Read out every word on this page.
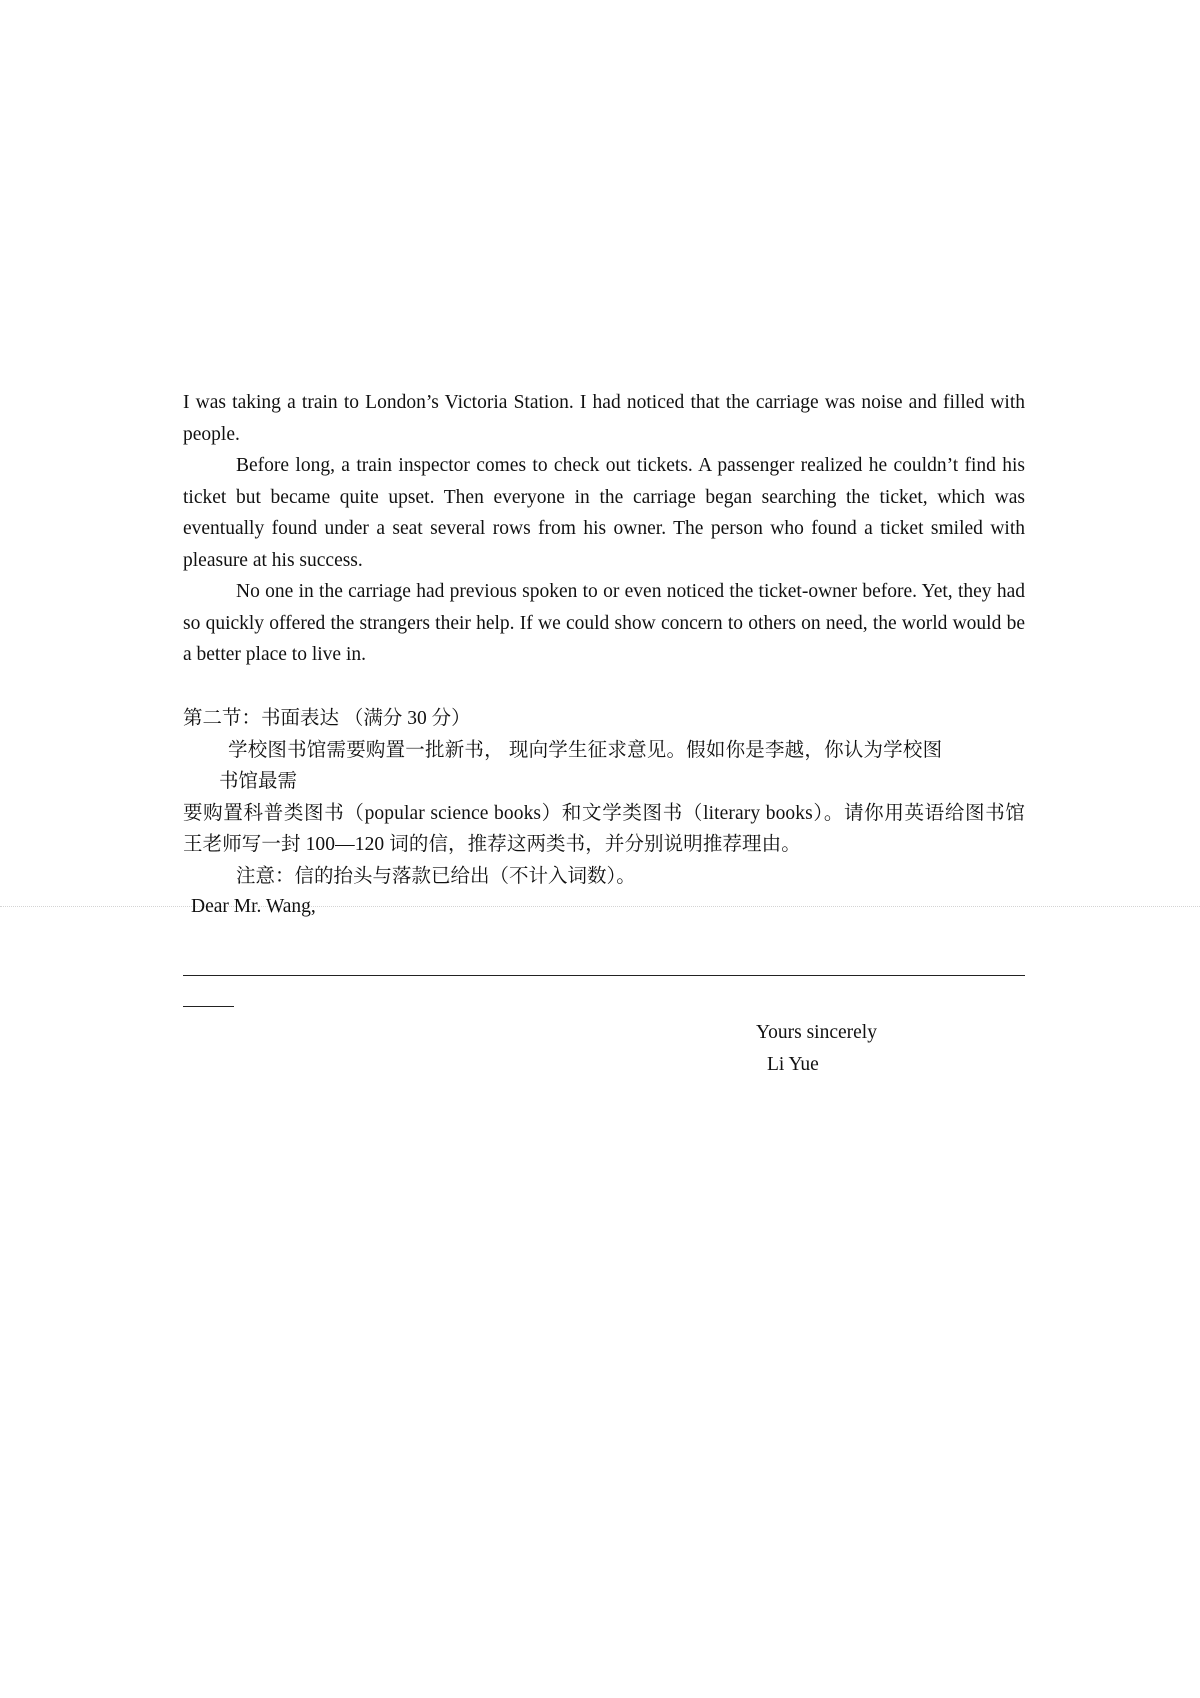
I was taking a train to London’s Victoria Station. I had noticed that the carriage was noise and filled with people.

Before long, a train inspector comes to check out tickets. A passenger realized he couldn’t find his ticket but became quite upset. Then everyone in the carriage began searching the ticket, which was eventually found under a seat several rows from his owner. The person who found a ticket smiled with pleasure at his success.

No one in the carriage had previous spoken to or even noticed the ticket-owner before. Yet, they had so quickly offered the strangers their help. If we could show concern to others on need, the world would be a better place to live in.

第二节：书面表达 （满分 30 分）

学校图书馆需要购置一批新书， 现向学生征求意见。假如你是李越，你认为学校图
书馆最需
要购置科普类图书（popular science books）和文学类图书（literary books）。请你用英语给图书馆王老师写一封 100—120 词的信，推荐这两类书，并分别说明推荐理由。

注意：信的抬头与落款已给出（不计入词数）。

Dear Mr. Wang,
Yours sincerely
Li Yue
